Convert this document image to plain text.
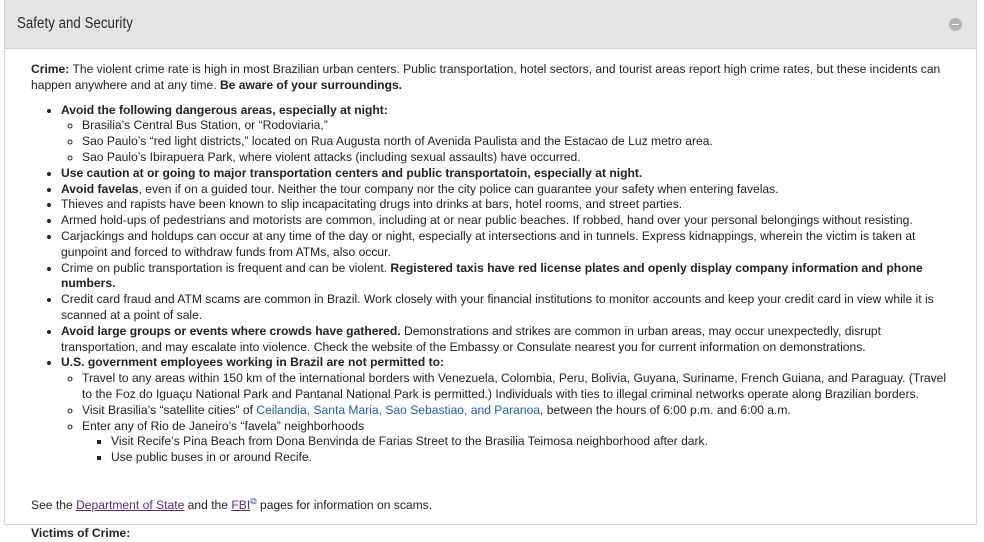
Safety and Security

Crime: The violent crime rate is high in most Brazilian urban centers. Public transportation, hotel sectors, and tourist areas report high crime rates, but these incidents can happen anywhere and at any time. Be aware of your surroundings.

• Avoid the following dangerous areas, especially at night:
◦ Brasilia’s Central Bus Station, or “Rodoviaria,”
◦ Sao Paulo’s “red light districts,” located on Rua Augusta north of Avenida Paulista and the Estacao de Luz metro area.
◦ Sao Paulo’s Ibirapuera Park, where violent attacks (including sexual assaults) have occurred.
• Use caution at or going to major transportation centers and public transportatoin, especially at night.
• Avoid favelas, even if on a guided tour. Neither the tour company nor the city police can guarantee your safety when entering favelas.
• Thieves and rapists have been known to slip incapacitating drugs into drinks at bars, hotel rooms, and street parties.
• Armed hold-ups of pedestrians and motorists are common, including at or near public beaches. If robbed, hand over your personal belongings without resisting.
• Carjackings and holdups can occur at any time of the day or night, especially at intersections and in tunnels. Express kidnappings, wherein the victim is taken at gunpoint and forced to withdraw funds from ATMs, also occur.
• Crime on public transportation is frequent and can be violent. Registered taxis have red license plates and openly display company information and phone numbers.
• Credit card fraud and ATM scams are common in Brazil. Work closely with your financial institutions to monitor accounts and keep your credit card in view while it is scanned at a point of sale.
• Avoid large groups or events where crowds have gathered. Demonstrations and strikes are common in urban areas, may occur unexpectedly, disrupt transportation, and may escalate into violence. Check the website of the Embassy or Consulate nearest you for current information on demonstrations.
• U.S. government employees working in Brazil are not permitted to:
◦ Travel to any areas within 150 km of the international borders with Venezuela, Colombia, Peru, Bolivia, Guyana, Suriname, French Guiana, and Paraguay. (Travel to the Foz do Iguaçu National Park and Pantanal National Park is permitted.) Individuals with ties to illegal criminal networks operate along Brazilian borders.
◦ Visit Brasilia’s “satellite cities” of Ceilandia, Santa Maria, Sao Sebastiao, and Paranoa, between the hours of 6:00 p.m. and 6:00 a.m.
◦ Enter any of Rio de Janeiro’s “favela” neighborhoods
▪ Visit Recife’s Pina Beach from Dona Benvinda de Farias Street to the Brasilia Teimosa neighborhood after dark.
▪ Use public buses in or around Recife.

See the Department of State and the FBI⧉ pages for information on scams.

Victims of Crime:
